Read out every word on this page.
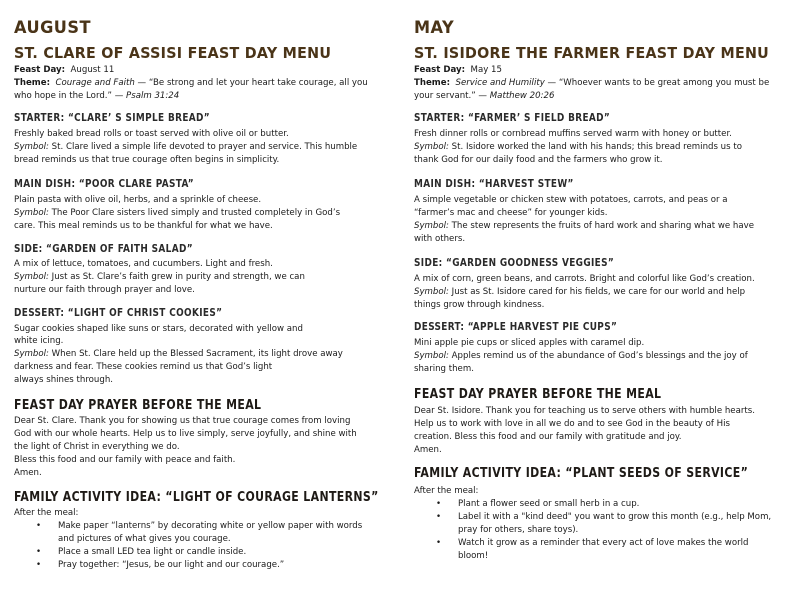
AUGUST
ST. CLARE OF ASSISI FEAST DAY MENU
Feast Day: August 11
Theme: Courage and Faith — “Be strong and let your heart take courage, all you
who hope in the Lord.” — Psalm 31:24
STARTER: “CLARE’ S SIMPLE BREAD”
Freshly baked bread rolls or toast served with olive oil or butter.
Symbol: St. Clare lived a simple life devoted to prayer and service. This humble
bread reminds us that true courage often begins in simplicity.
MAIN DISH: “POOR CLARE PASTA”
Plain pasta with olive oil, herbs, and a sprinkle of cheese.
Symbol: The Poor Clare sisters lived simply and trusted completely in God’s
care. This meal reminds us to be thankful for what we have.
SIDE: “GARDEN OF FAITH SALAD”
A mix of lettuce, tomatoes, and cucumbers. Light and fresh.
Symbol: Just as St. Clare’s faith grew in purity and strength, we can
nurture our faith through prayer and love.
DESSERT: “LIGHT OF CHRIST COOKIES”
Sugar cookies shaped like suns or stars, decorated with yellow and
white icing.
Symbol: When St. Clare held up the Blessed Sacrament, its light drove away
darkness and fear. These cookies remind us that God’s light
always shines through.
FEAST DAY PRAYER BEFORE THE MEAL
Dear St. Clare. Thank you for showing us that true courage comes from loving
God with our whole hearts. Help us to live simply, serve joyfully, and shine with
the light of Christ in everything we do.
Bless this food and our family with peace and faith.
Amen.
FAMILY ACTIVITY IDEA: “LIGHT OF COURAGE LANTERNS”
After the meal:
•	Make paper “lanterns” by decorating white or yellow paper with words
and pictures of what gives you courage.
•	Place a small LED tea light or candle inside.
•	Pray together: “Jesus, be our light and our courage.”
MAY
ST. ISIDORE THE FARMER FEAST DAY MENU
Feast Day: May 15
Theme: Service and Humility — “Whoever wants to be great among you must be
your servant.” — Matthew 20:26
STARTER: “FARMER’ S FIELD BREAD”
Fresh dinner rolls or cornbread muffins served warm with honey or butter.
Symbol: St. Isidore worked the land with his hands; this bread reminds us to
thank God for our daily food and the farmers who grow it.
MAIN DISH: “HARVEST STEW”
A simple vegetable or chicken stew with potatoes, carrots, and peas or a
“farmer’s mac and cheese” for younger kids.
Symbol: The stew represents the fruits of hard work and sharing what we have
with others.
SIDE: “GARDEN GOODNESS VEGGIES”
A mix of corn, green beans, and carrots. Bright and colorful like God’s creation.
Symbol: Just as St. Isidore cared for his fields, we care for our world and help
things grow through kindness.
DESSERT: “APPLE HARVEST PIE CUPS”
Mini apple pie cups or sliced apples with caramel dip.
Symbol: Apples remind us of the abundance of God’s blessings and the joy of
sharing them.
FEAST DAY PRAYER BEFORE THE MEAL
Dear St. Isidore. Thank you for teaching us to serve others with humble hearts.
Help us to work with love in all we do and to see God in the beauty of His
creation. Bless this food and our family with gratitude and joy.
Amen.
FAMILY ACTIVITY IDEA: “PLANT SEEDS OF SERVICE”
After the meal:
•	Plant a flower seed or small herb in a cup.
•	Label it with a "kind deed" you want to grow this month (e.g., help Mom,
pray for others, share toys).
•	Watch it grow as a reminder that every act of love makes the world
bloom!
